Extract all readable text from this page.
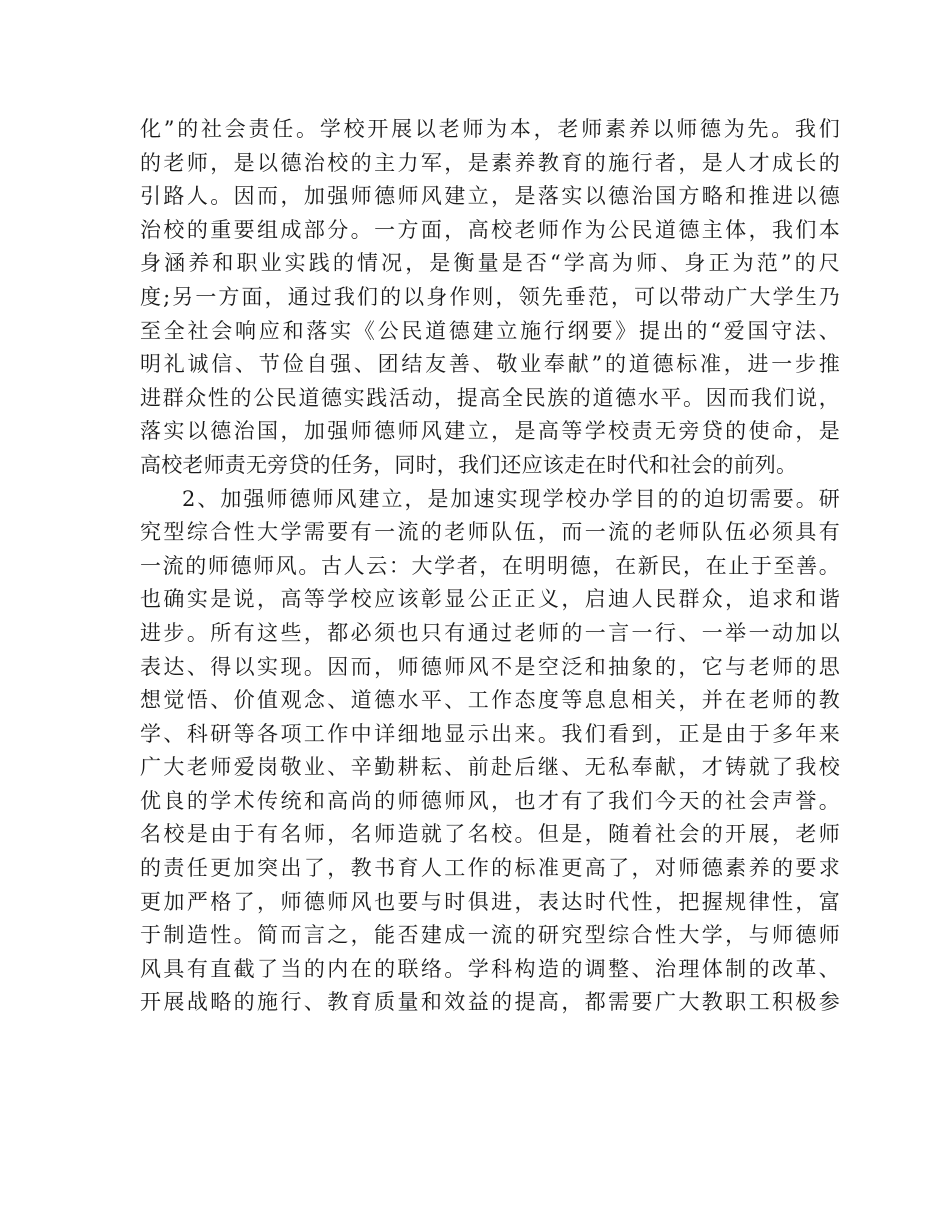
化”的社会责任。学校开展以老师为本，老师素养以师德为先。我们
的老师，是以德治校的主力军，是素养教育的施行者，是人才成长的
引路人。因而，加强师德师风建立，是落实以德治国方略和推进以德
治校的重要组成部分。一方面，高校老师作为公民道德主体，我们本
身涵养和职业实践的情况，是衡量是否“学高为师、身正为范”的尺
度;另一方面，通过我们的以身作则，领先垂范，可以带动广大学生乃
至全社会响应和落实《公民道德建立施行纲要》提出的“爱国守法、
明礼诚信、节俭自强、团结友善、敬业奉献”的道德标准，进一步推
进群众性的公民道德实践活动，提高全民族的道德水平。因而我们说，
落实以德治国，加强师德师风建立，是高等学校责无旁贷的使命，是
高校老师责无旁贷的任务，同时，我们还应该走在时代和社会的前列。
2、加强师德师风建立，是加速实现学校办学目的的迫切需要。研
究型综合性大学需要有一流的老师队伍，而一流的老师队伍必须具有
一流的师德师风。古人云：大学者，在明明德，在新民，在止于至善。
也确实是说，高等学校应该彰显公正正义，启迪人民群众，追求和谐
进步。所有这些，都必须也只有通过老师的一言一行、一举一动加以
表达、得以实现。因而，师德师风不是空泛和抽象的，它与老师的思
想觉悟、价值观念、道德水平、工作态度等息息相关，并在老师的教
学、科研等各项工作中详细地显示出来。我们看到，正是由于多年来
广大老师爱岗敬业、辛勤耕耘、前赴后继、无私奉献，才铸就了我校
优良的学术传统和高尚的师德师风，也才有了我们今天的社会声誉。
名校是由于有名师，名师造就了名校。但是，随着社会的开展，老师
的责任更加突出了，教书育人工作的标准更高了，对师德素养的要求
更加严格了，师德师风也要与时俱进，表达时代性，把握规律性，富
于制造性。简而言之，能否建成一流的研究型综合性大学，与师德师
风具有直截了当的内在的联络。学科构造的调整、治理体制的改革、
开展战略的施行、教育质量和效益的提高，都需要广大教职工积极参
